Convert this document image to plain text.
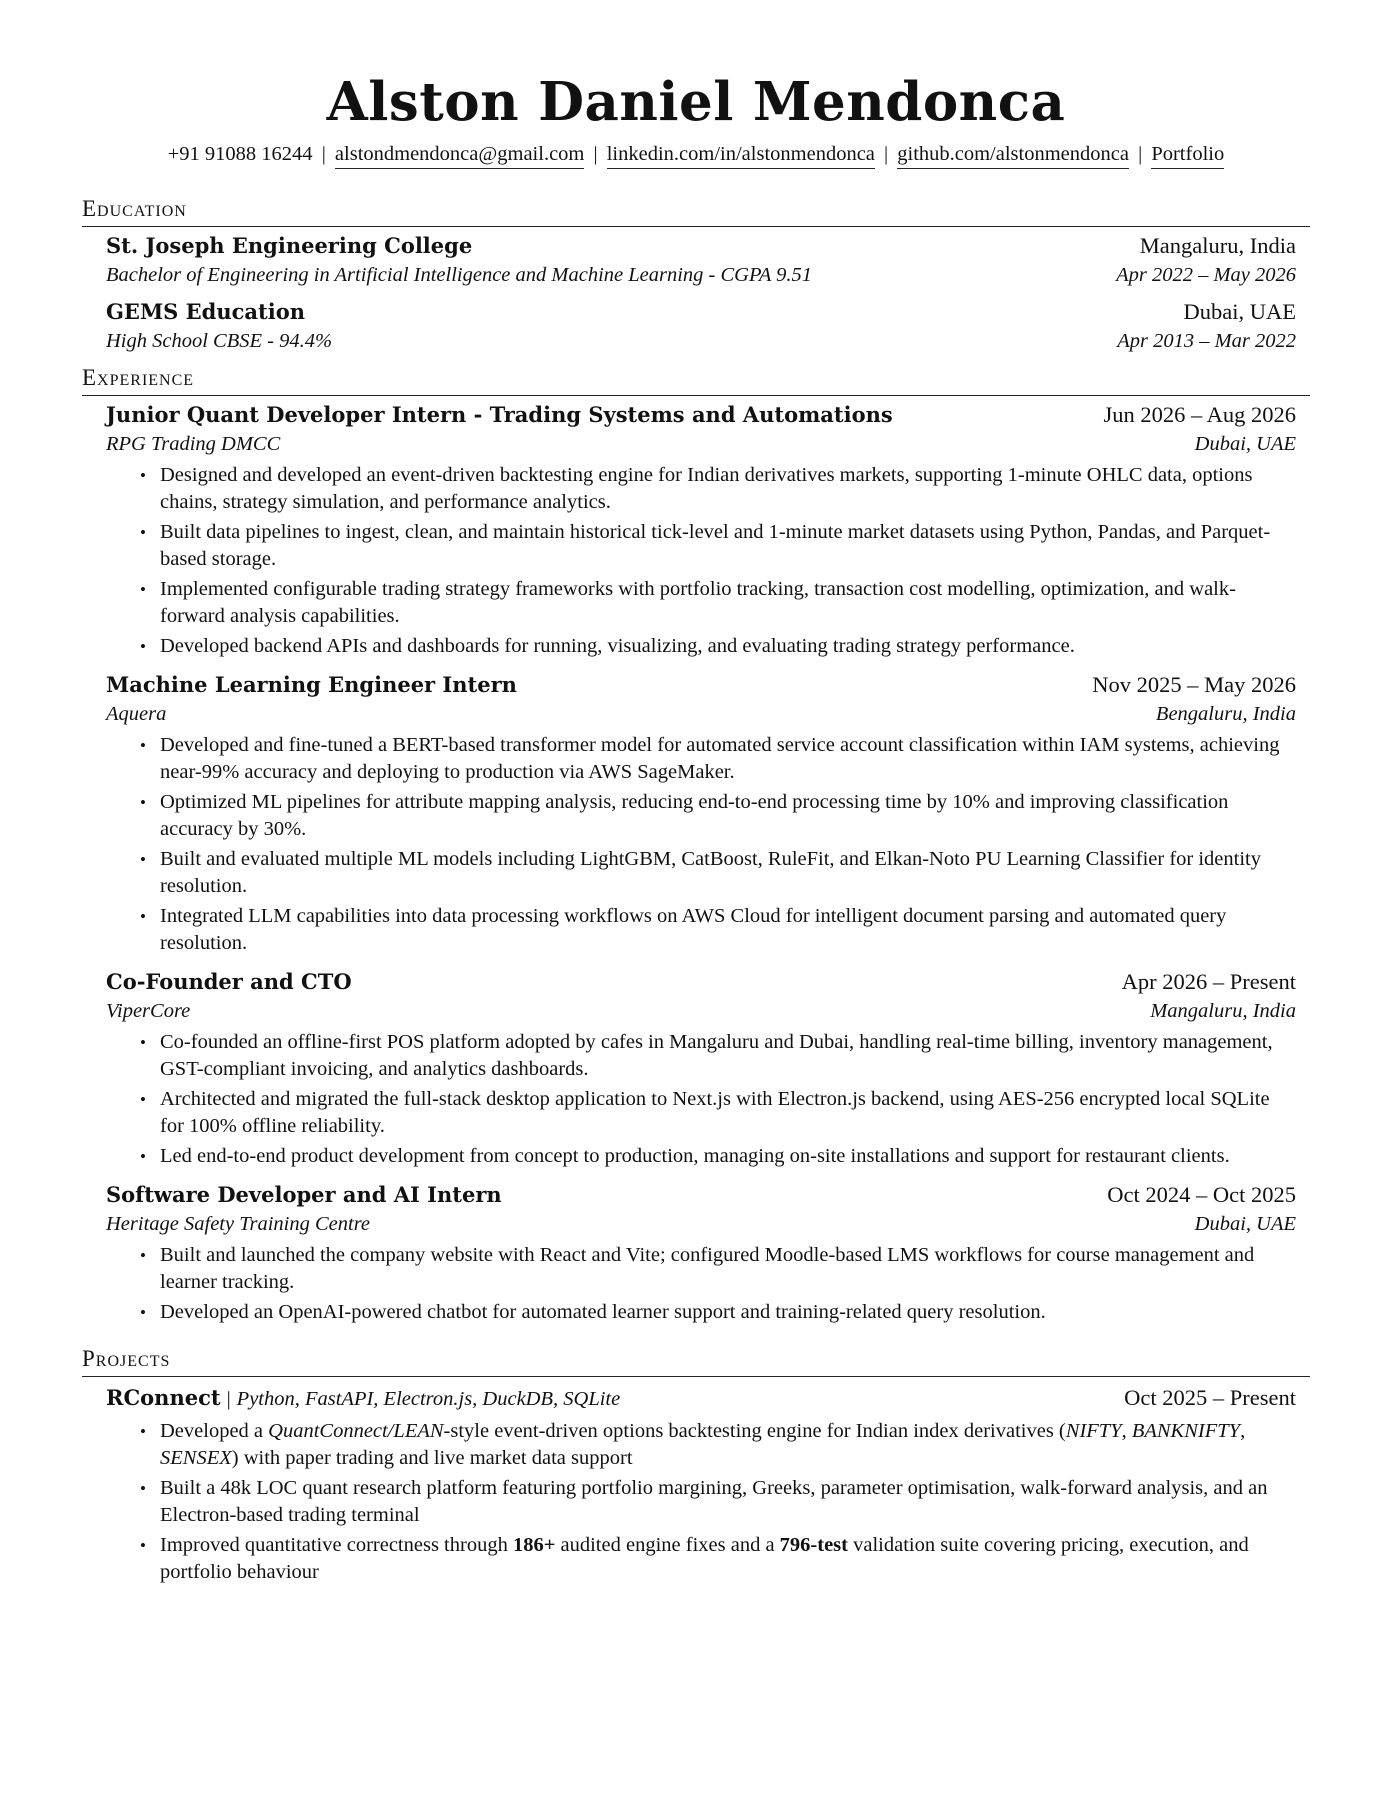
Alston Daniel Mendonca
+91 91088 16244 | alstondmendonca@gmail.com | linkedin.com/in/alstonmendonca | github.com/alstonmendonca | Portfolio
Education
St. Joseph Engineering College	Mangaluru, India
Bachelor of Engineering in Artificial Intelligence and Machine Learning - CGPA 9.51	Apr 2022 – May 2026
GEMS Education	Dubai, UAE
High School CBSE - 94.4%	Apr 2013 – Mar 2022
Experience
Junior Quant Developer Intern - Trading Systems and Automations	Jun 2026 – Aug 2026
RPG Trading DMCC	Dubai, UAE
• Designed and developed an event-driven backtesting engine for Indian derivatives markets, supporting 1-minute OHLC data, options chains, strategy simulation, and performance analytics.
• Built data pipelines to ingest, clean, and maintain historical tick-level and 1-minute market datasets using Python, Pandas, and Parquet-based storage.
• Implemented configurable trading strategy frameworks with portfolio tracking, transaction cost modelling, optimization, and walk-forward analysis capabilities.
• Developed backend APIs and dashboards for running, visualizing, and evaluating trading strategy performance.
Machine Learning Engineer Intern	Nov 2025 – May 2026
Aquera	Bengaluru, India
• Developed and fine-tuned a BERT-based transformer model for automated service account classification within IAM systems, achieving near-99% accuracy and deploying to production via AWS SageMaker.
• Optimized ML pipelines for attribute mapping analysis, reducing end-to-end processing time by 10% and improving classification accuracy by 30%.
• Built and evaluated multiple ML models including LightGBM, CatBoost, RuleFit, and Elkan-Noto PU Learning Classifier for identity resolution.
• Integrated LLM capabilities into data processing workflows on AWS Cloud for intelligent document parsing and automated query resolution.
Co-Founder and CTO	Apr 2026 – Present
ViperCore	Mangaluru, India
• Co-founded an offline-first POS platform adopted by cafes in Mangaluru and Dubai, handling real-time billing, inventory management, GST-compliant invoicing, and analytics dashboards.
• Architected and migrated the full-stack desktop application to Next.js with Electron.js backend, using AES-256 encrypted local SQLite for 100% offline reliability.
• Led end-to-end product development from concept to production, managing on-site installations and support for restaurant clients.
Software Developer and AI Intern	Oct 2024 – Oct 2025
Heritage Safety Training Centre	Dubai, UAE
• Built and launched the company website with React and Vite; configured Moodle-based LMS workflows for course management and learner tracking.
• Developed an OpenAI-powered chatbot for automated learner support and training-related query resolution.
Projects
RConnect | Python, FastAPI, Electron.js, DuckDB, SQLite	Oct 2025 – Present
• Developed a QuantConnect/LEAN-style event-driven options backtesting engine for Indian index derivatives (NIFTY, BANKNIFTY, SENSEX) with paper trading and live market data support
• Built a 48k LOC quant research platform featuring portfolio margining, Greeks, parameter optimisation, walk-forward analysis, and an Electron-based trading terminal
• Improved quantitative correctness through 186+ audited engine fixes and a 796-test validation suite covering pricing, execution, and portfolio behaviour
